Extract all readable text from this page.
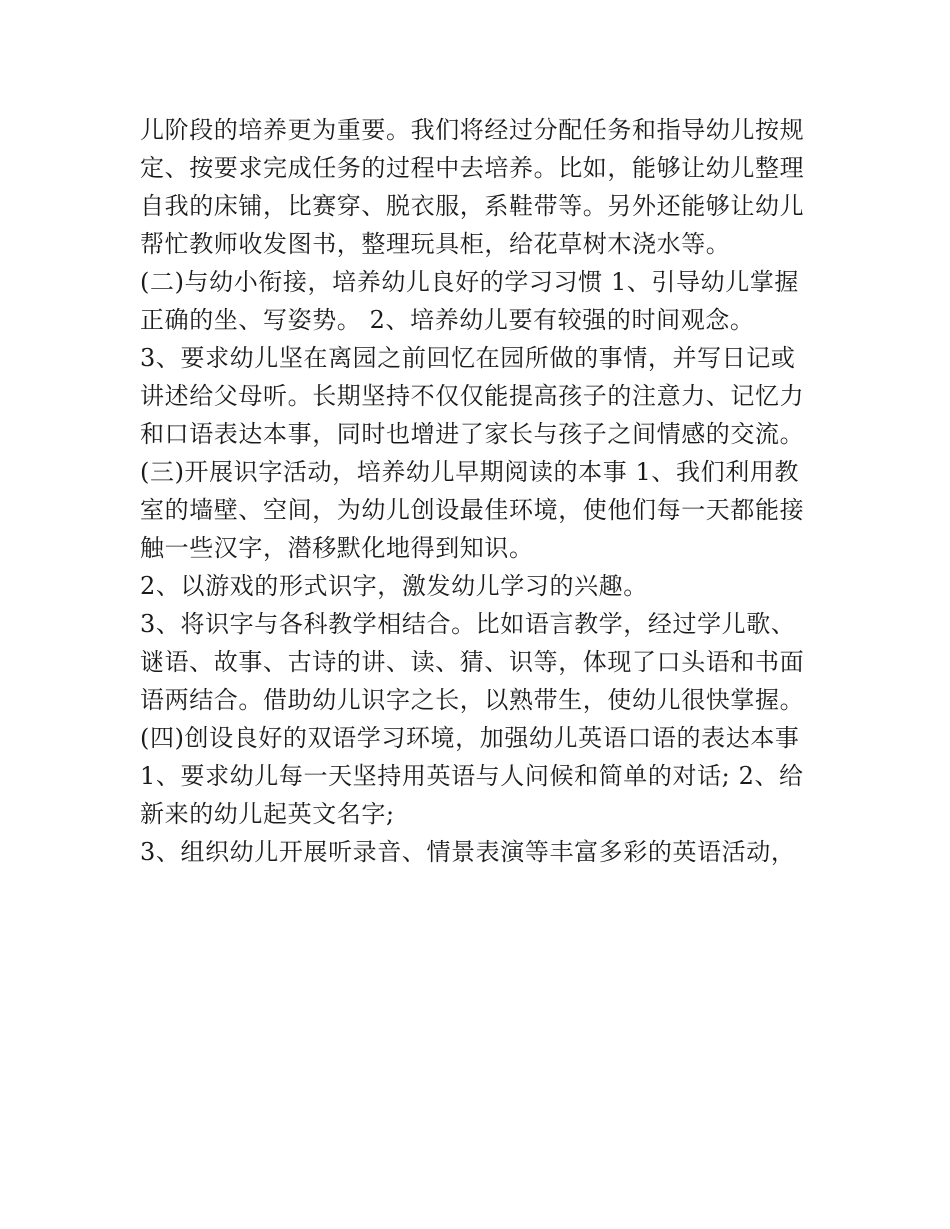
儿阶段的培养更为重要。我们将经过分配任务和指导幼儿按规

定、按要求完成任务的过程中去培养。比如，能够让幼儿整理

自我的床铺，比赛穿、脱衣服，系鞋带等。另外还能够让幼儿

帮忙教师收发图书，整理玩具柜，给花草树木浇水等。

(二)与幼小衔接，培养幼儿良好的学习习惯 1、引导幼儿掌握

正确的坐、写姿势。 2、培养幼儿要有较强的时间观念。

3、要求幼儿坚在离园之前回忆在园所做的事情，并写日记或

讲述给父母听。长期坚持不仅仅能提高孩子的注意力、记忆力

和口语表达本事，同时也增进了家长与孩子之间情感的交流。

(三)开展识字活动，培养幼儿早期阅读的本事 1、我们利用教

室的墙壁、空间，为幼儿创设最佳环境，使他们每一天都能接

触一些汉字，潜移默化地得到知识。

2、以游戏的形式识字，激发幼儿学习的兴趣。

3、将识字与各科教学相结合。比如语言教学，经过学儿歌、

谜语、故事、古诗的讲、读、猜、识等，体现了口头语和书面

语两结合。借助幼儿识字之长，以熟带生，使幼儿很快掌握。

(四)创设良好的双语学习环境，加强幼儿英语口语的表达本事

1、要求幼儿每一天坚持用英语与人问候和简单的对话; 2、给

新来的幼儿起英文名字;

3、组织幼儿开展听录音、情景表演等丰富多彩的英语活动，
